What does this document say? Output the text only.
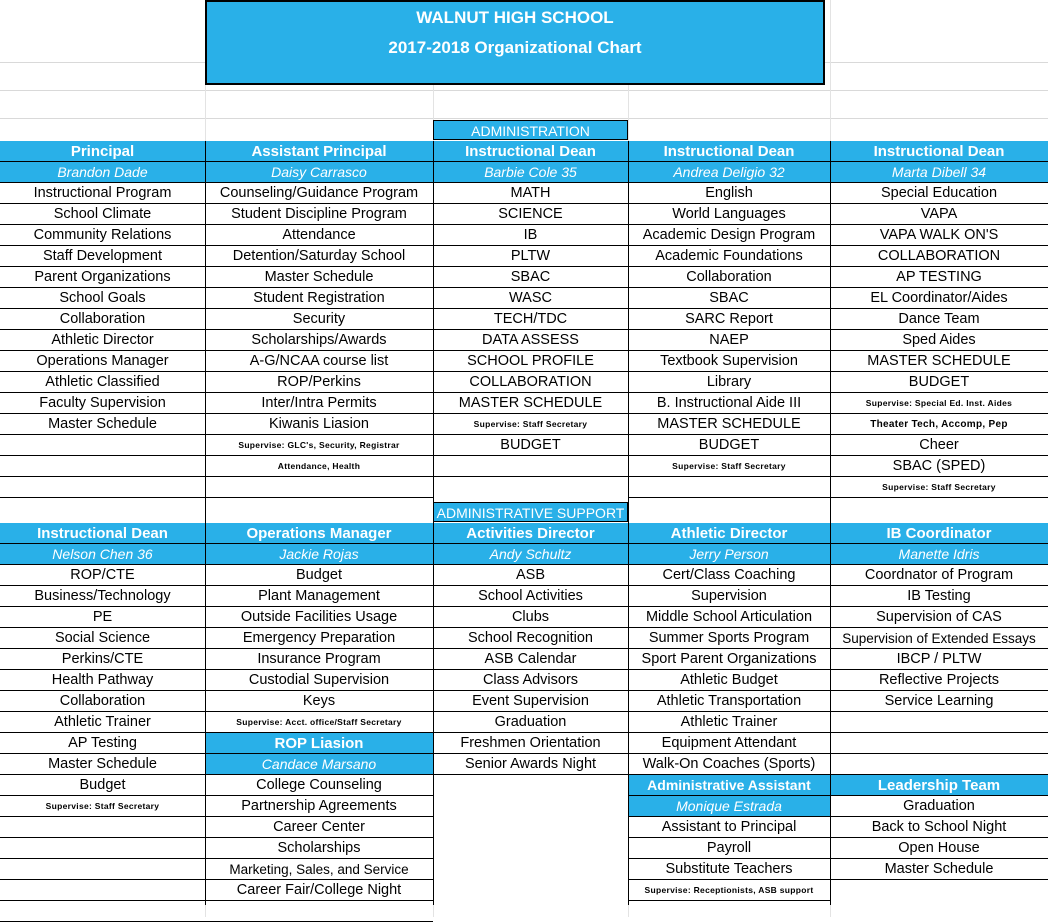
WALNUT HIGH SCHOOL
2017-2018 Organizational Chart
ADMINISTRATION
ADMINISTRATIVE SUPPORT
Principal
Brandon Dade
Instructional Program
School Climate
Community Relations
Staff Development
Parent Organizations
School Goals
Collaboration
Athletic Director
Operations Manager
Athletic Classified
Faculty Supervision
Master Schedule
Assistant Principal
Daisy Carrasco
Counseling/Guidance Program
Student Discipline Program
Attendance
Detention/Saturday School
Master Schedule
Student Registration
Security
Scholarships/Awards
A-G/NCAA course list
ROP/Perkins
Inter/Intra Permits
Kiwanis Liasion
Supervise: GLC's, Security, Registrar
Attendance, Health
Instructional Dean
Barbie Cole 35
MATH
SCIENCE
IB
PLTW
SBAC
WASC
TECH/TDC
DATA ASSESS
SCHOOL PROFILE
COLLABORATION
MASTER SCHEDULE
Supervise: Staff Secretary
BUDGET
Instructional Dean
Andrea Deligio 32
English
World Languages
Academic Design Program
Academic Foundations
Collaboration
SBAC
SARC Report
NAEP
Textbook Supervision
Library
B. Instructional Aide III
MASTER SCHEDULE
BUDGET
Supervise: Staff Secretary
Instructional Dean
Marta Dibell 34
Special Education
VAPA
VAPA WALK ON'S
COLLABORATION
AP TESTING
EL Coordinator/Aides
Dance Team
Sped Aides
MASTER SCHEDULE
BUDGET
Supervise: Special Ed. Inst. Aides
Theater Tech, Accomp, Pep
Cheer
SBAC (SPED)
Supervise: Staff Secretary
Instructional Dean
Nelson Chen 36
ROP/CTE
Business/Technology
PE
Social Science
Perkins/CTE
Health Pathway
Collaboration
Athletic Trainer
AP Testing
Master Schedule
Budget
Supervise: Staff Secretary
Operations Manager
Jackie Rojas
Budget
Plant Management
Outside Facilities Usage
Emergency Preparation
Insurance Program
Custodial Supervision
Keys
Supervise: Acct. office/Staff Secretary
ROP Liasion
Candace Marsano
College Counseling
Partnership Agreements
Career Center
Scholarships
Marketing, Sales, and Service
Career Fair/College Night
Activities Director
Andy Schultz
ASB
School Activities
Clubs
School Recognition
ASB Calendar
Class Advisors
Event Supervision
Graduation
Freshmen Orientation
Senior Awards Night
Athletic Director
Jerry Person
Cert/Class Coaching
Supervision
Middle School Articulation
Summer Sports Program
Sport Parent Organizations
Athletic Budget
Athletic Transportation
Athletic Trainer
Equipment Attendant
Walk-On Coaches (Sports)
Administrative Assistant
Monique Estrada
Assistant to Principal
Payroll
Substitute Teachers
Supervise: Receptionists, ASB support
IB Coordinator
Manette Idris
Coordnator of Program
IB Testing
Supervision of CAS
Supervision of Extended Essays
IBCP / PLTW
Reflective Projects
Service Learning
Leadership Team
Graduation
Back to School Night
Open House
Master Schedule
